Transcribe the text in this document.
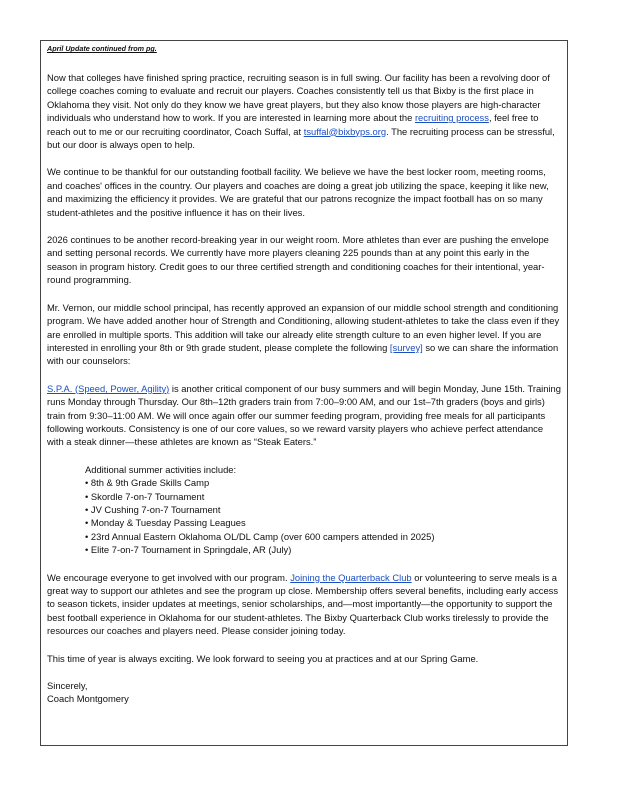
April Update continued from pg.

Now that colleges have finished spring practice, recruiting season is in full swing. Our facility has been a revolving door of college coaches coming to evaluate and recruit our players. Coaches consistently tell us that Bixby is the first place in Oklahoma they visit. Not only do they know we have great players, but they also know those players are high-character individuals who understand how to work. If you are interested in learning more about the recruiting process, feel free to reach out to me or our recruiting coordinator, Coach Suffal, at tsuffal@bixbyps.org. The recruiting process can be stressful, but our door is always open to help.

We continue to be thankful for our outstanding football facility. We believe we have the best locker room, meeting rooms, and coaches' offices in the country. Our players and coaches are doing a great job utilizing the space, keeping it like new, and maximizing the efficiency it provides. We are grateful that our patrons recognize the impact football has on so many student-athletes and the positive influence it has on their lives.

2026 continues to be another record-breaking year in our weight room. More athletes than ever are pushing the envelope and setting personal records. We currently have more players cleaning 225 pounds than at any point this early in the season in program history. Credit goes to our three certified strength and conditioning coaches for their intentional, year-round programming.

Mr. Vernon, our middle school principal, has recently approved an expansion of our middle school strength and conditioning program. We have added another hour of Strength and Conditioning, allowing student-athletes to take the class even if they are enrolled in multiple sports. This addition will take our already elite strength culture to an even higher level. If you are interested in enrolling your 8th or 9th grade student, please complete the following [survey] so we can share the information with our counselors:

S.P.A. (Speed, Power, Agility) is another critical component of our busy summers and will begin Monday, June 15th. Training runs Monday through Thursday. Our 8th–12th graders train from 7:00–9:00 AM, and our 1st–7th graders (boys and girls) train from 9:30–11:00 AM. We will once again offer our summer feeding program, providing free meals for all participants following workouts. Consistency is one of our core values, so we reward varsity players who achieve perfect attendance with a steak dinner—these athletes are known as “Steak Eaters.”

Additional summer activities include:
• 8th & 9th Grade Skills Camp
• Skordle 7-on-7 Tournament
• JV Cushing 7-on-7 Tournament
• Monday & Tuesday Passing Leagues
• 23rd Annual Eastern Oklahoma OL/DL Camp (over 600 campers attended in 2025)
• Elite 7-on-7 Tournament in Springdale, AR (July)

We encourage everyone to get involved with our program. Joining the Quarterback Club or volunteering to serve meals is a great way to support our athletes and see the program up close. Membership offers several benefits, including early access to season tickets, insider updates at meetings, senior scholarships, and—most importantly—the opportunity to support the best football experience in Oklahoma for our student-athletes. The Bixby Quarterback Club works tirelessly to provide the resources our coaches and players need. Please consider joining today.

This time of year is always exciting. We look forward to seeing you at practices and at our Spring Game.

Sincerely,
Coach Montgomery
